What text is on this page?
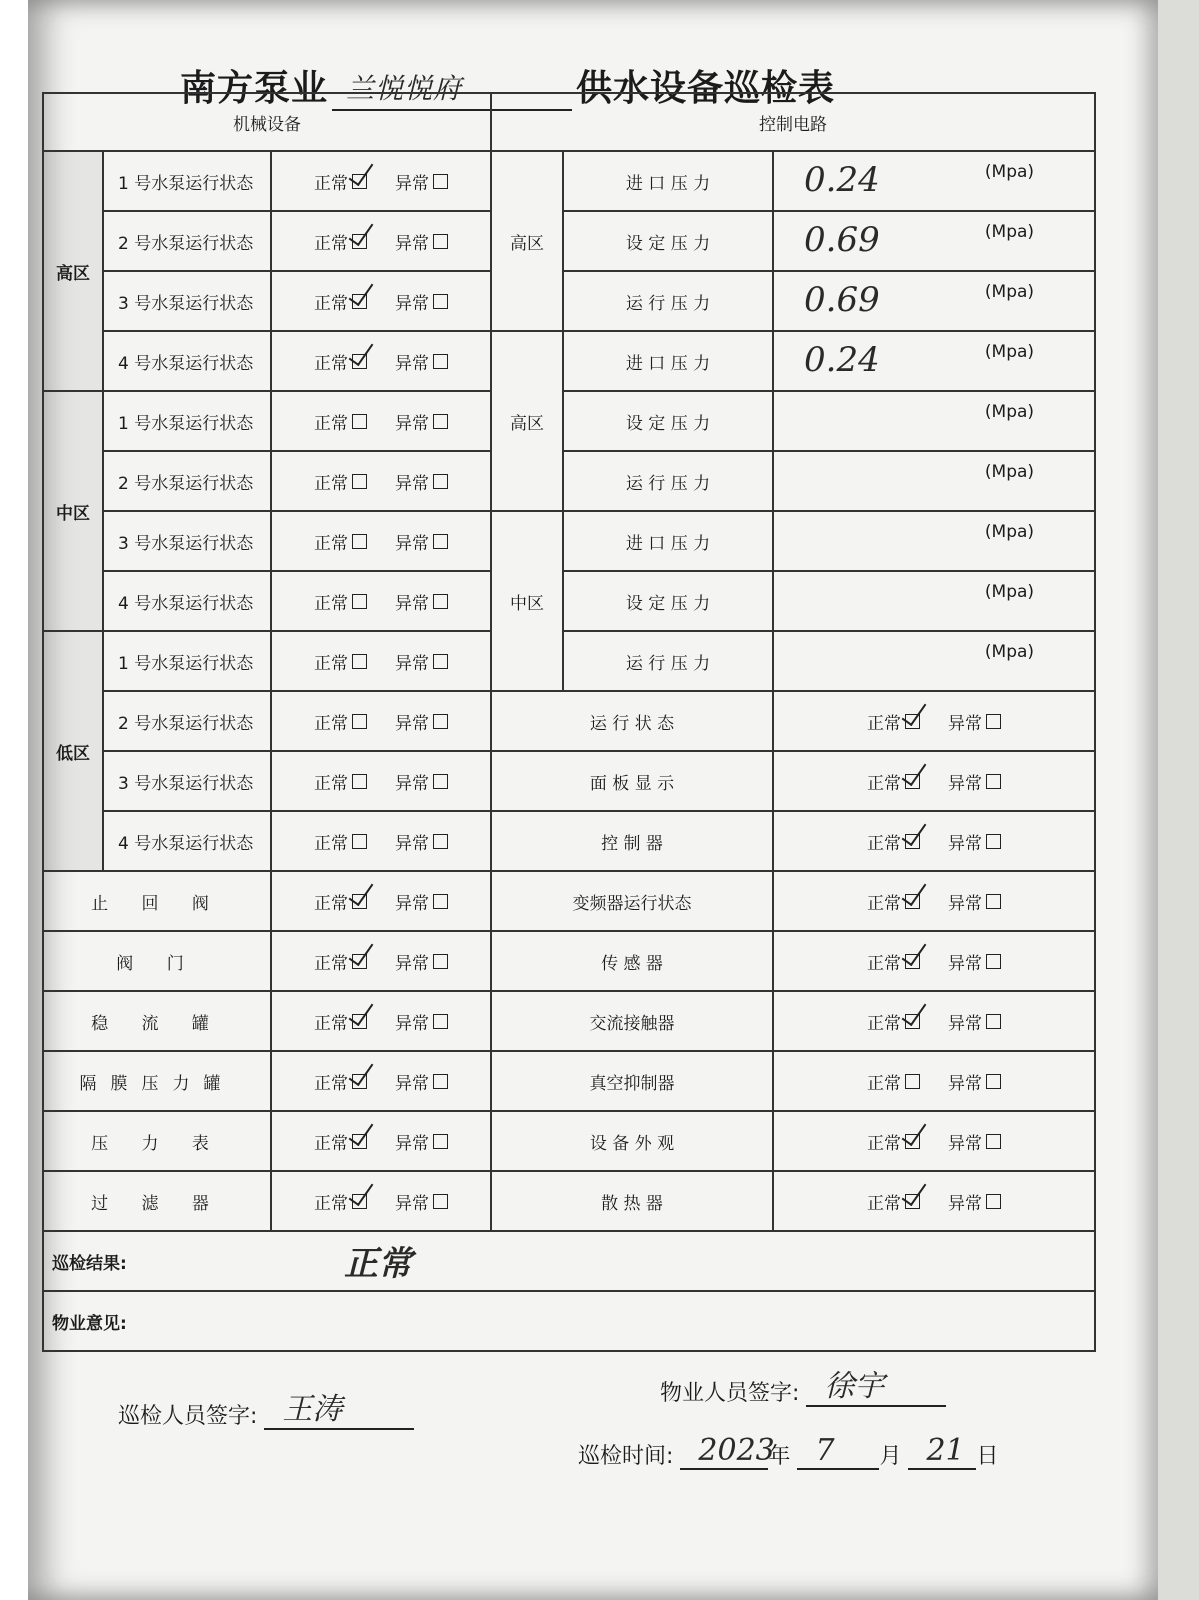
南方泵业 兰悦悦府	供水设备巡检表
机械设备			控制电路		
高区	1 号水泵运行状态	正常 异常	高区	进 口 压 力	0.24 (Mpa)

	2 号水泵运行状态	正常 异常		设 定 压 力	0.69 (Mpa)

	3 号水泵运行状态	正常 异常		运 行 压 力	0.69 (Mpa)

	4 号水泵运行状态	正常 异常	高区	进 口 压 力	0.24 (Mpa)

中区	1 号水泵运行状态	正常 异常		设 定 压 力	(Mpa)

	2 号水泵运行状态	正常 异常		运 行 压 力	(Mpa)

	3 号水泵运行状态	正常 异常	中区	进 口 压 力	(Mpa)

	4 号水泵运行状态	正常 异常		设 定 压 力	(Mpa)

低区	1 号水泵运行状态	正常 异常		运 行 压 力	(Mpa)

	2 号水泵运行状态	正常 异常	运 行 状 态		正常 异常

	3 号水泵运行状态	正常 异常	面 板 显 示		正常 异常

	4 号水泵运行状态	正常 异常	控 制 器		正常 异常

止 回 阀		正常 异常	变频器运行状态		正常 异常

阀 门		正常 异常	传 感 器		正常 异常

稳 流 罐		正常 异常	交流接触器		正常 异常

隔膜压力罐		正常 异常	真空抑制器		正常 异常

压 力 表		正常 异常	设 备 外 观		正常 异常

过 滤 器		正常 异常	散 热 器		正常 异常

巡检结果: 正常					

物业意见:					
巡检人员签字: 王涛	物业人员签字: 徐宇
巡检时间: 2023
年 7 月 21 日
